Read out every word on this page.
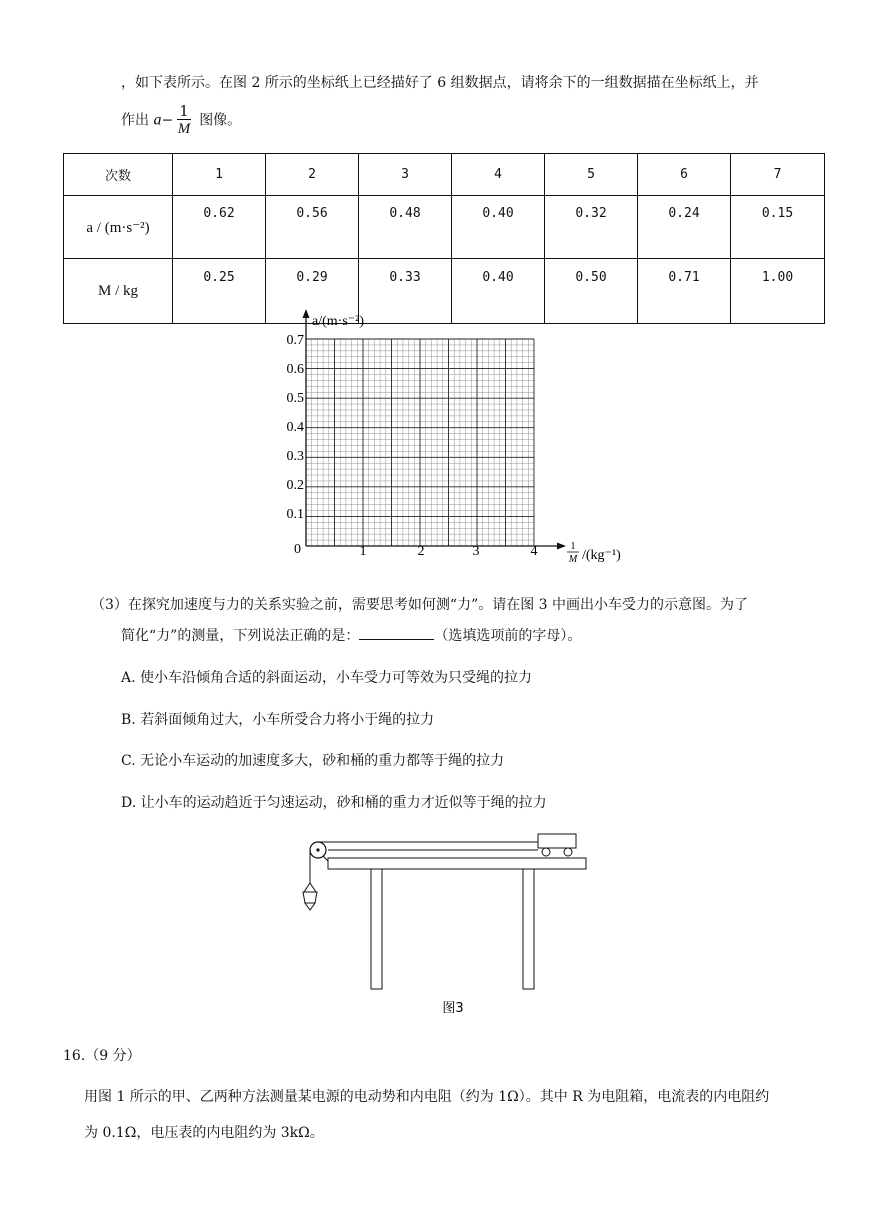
，如下表所示。在图 2 所示的坐标纸上已经描好了 6 组数据点，请将余下的一组数据描在坐标纸上，并
作出 $a- \frac{1}{M}$ 图像。
次数	1	2	3	4	5	6	7
a / (m·s⁻²)	0.62	0.56	0.48	0.40	0.32	0.24	0.15
M / kg	0.25	0.29	0.33	0.40	0.50	0.71	1.00
a/(m·s⁻²)
0.7
0.6
0.5
0.4
0.3
0.2
0.1
0	1	2	3	4	1
M /(kg⁻¹)
（3）在探究加速度与力的关系实验之前，需要思考如何测“力”。请在图 3 中画出小车受力的示意图。为了
简化“力”的测量，下列说法正确的是：	（选填选项前的字母）。
A. 使小车沿倾角合适的斜面运动，小车受力可等效为只受绳的拉力
B. 若斜面倾角过大，小车所受合力将小于绳的拉力
C. 无论小车运动的加速度多大，砂和桶的重力都等于绳的拉力
D. 让小车的运动趋近于匀速运动，砂和桶的重力才近似等于绳的拉力
图3
16.（9 分）
用图 1 所示的甲、乙两种方法测量某电源的电动势和内电阻（约为 1Ω）。其中 R 为电阻箱，电流表的内电阻约
为 0.1Ω，电压表的内电阻约为 3kΩ。
